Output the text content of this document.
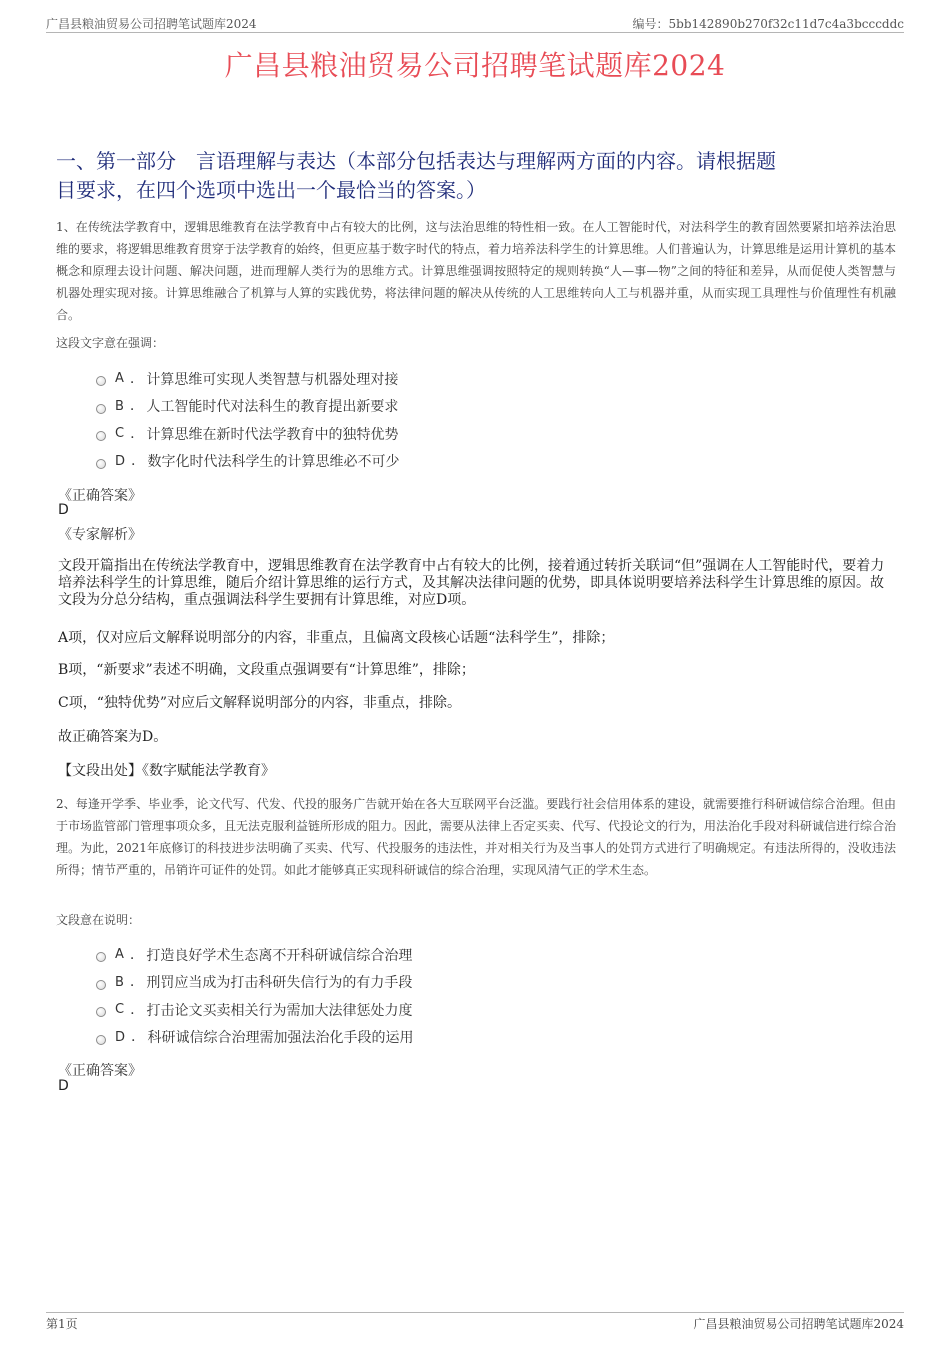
广昌县粮油贸易公司招聘笔试题库2024	编号：5bb142890b270f32c11d7c4a3bcccddc
广昌县粮油贸易公司招聘笔试题库2024
一、第一部分　言语理解与表达（本部分包括表达与理解两方面的内容。请根据题
目要求，在四个选项中选出一个最恰当的答案。）
1、在传统法学教育中，逻辑思维教育在法学教育中占有较大的比例，这与法治思维的特性相一致。在人工智能时代，对法科学生的教育固然要紧扣培养法治思维的要求，将逻辑思维教育贯穿于法学教育的始终，但更应基于数字时代的特点，着力培养法科学生的计算思维。人们普遍认为，计算思维是运用计算机的基本概念和原理去设计问题、解决问题，进而理解人类行为的思维方式。计算思维强调按照特定的规则转换“人—事—物”之间的特征和差异，从而促使人类智慧与机器处理实现对接。计算思维融合了机算与人算的实践优势，将法律问题的解决从传统的人工思维转向人工与机器并重，从而实现工具理性与价值理性有机融合。
这段文字意在强调：
A . 计算思维可实现人类智慧与机器处理对接
B . 人工智能时代对法科生的教育提出新要求
C . 计算思维在新时代法学教育中的独特优势
D . 数字化时代法科学生的计算思维必不可少
《正确答案》
D
《专家解析》

文段开篇指出在传统法学教育中，逻辑思维教育在法学教育中占有较大的比例，接着通过转折关联词“但”强调在人工智能时代，要着力培养法科学生的计算思维，随后介绍计算思维的运行方式，及其解决法律问题的优势，即具体说明要培养法科学生计算思维的原因。故文段为分总分结构，重点强调法科学生要拥有计算思维，对应D项。

A项，仅对应后文解释说明部分的内容，非重点，且偏离文段核心话题“法科学生”，排除；

B项，“新要求”表述不明确，文段重点强调要有“计算思维”，排除；

C项，“独特优势”对应后文解释说明部分的内容，非重点，排除。

故正确答案为D。

【文段出处】《数字赋能法学教育》

2、每逢开学季、毕业季，论文代写、代发、代投的服务广告就开始在各大互联网平台泛滥。要践行社会信用体系的建设，就需要推行科研诚信综合治理。但由于市场监管部门管理事项众多，且无法克服利益链所形成的阻力。因此，需要从法律上否定买卖、代写、代投论文的行为，用法治化手段对科研诚信进行综合治理。为此，2021年底修订的科技进步法明确了买卖、代写、代投服务的违法性，并对相关行为及当事人的处罚方式进行了明确规定。有违法所得的，没收违法所得；情节严重的，吊销许可证件的处罚。如此才能够真正实现科研诚信的综合治理，实现风清气正的学术生态。
文段意在说明：
A . 打造良好学术生态离不开科研诚信综合治理
B . 刑罚应当成为打击科研失信行为的有力手段
C . 打击论文买卖相关行为需加大法律惩处力度
D . 科研诚信综合治理需加强法治化手段的运用
《正确答案》
D
第1页	广昌县粮油贸易公司招聘笔试题库2024
